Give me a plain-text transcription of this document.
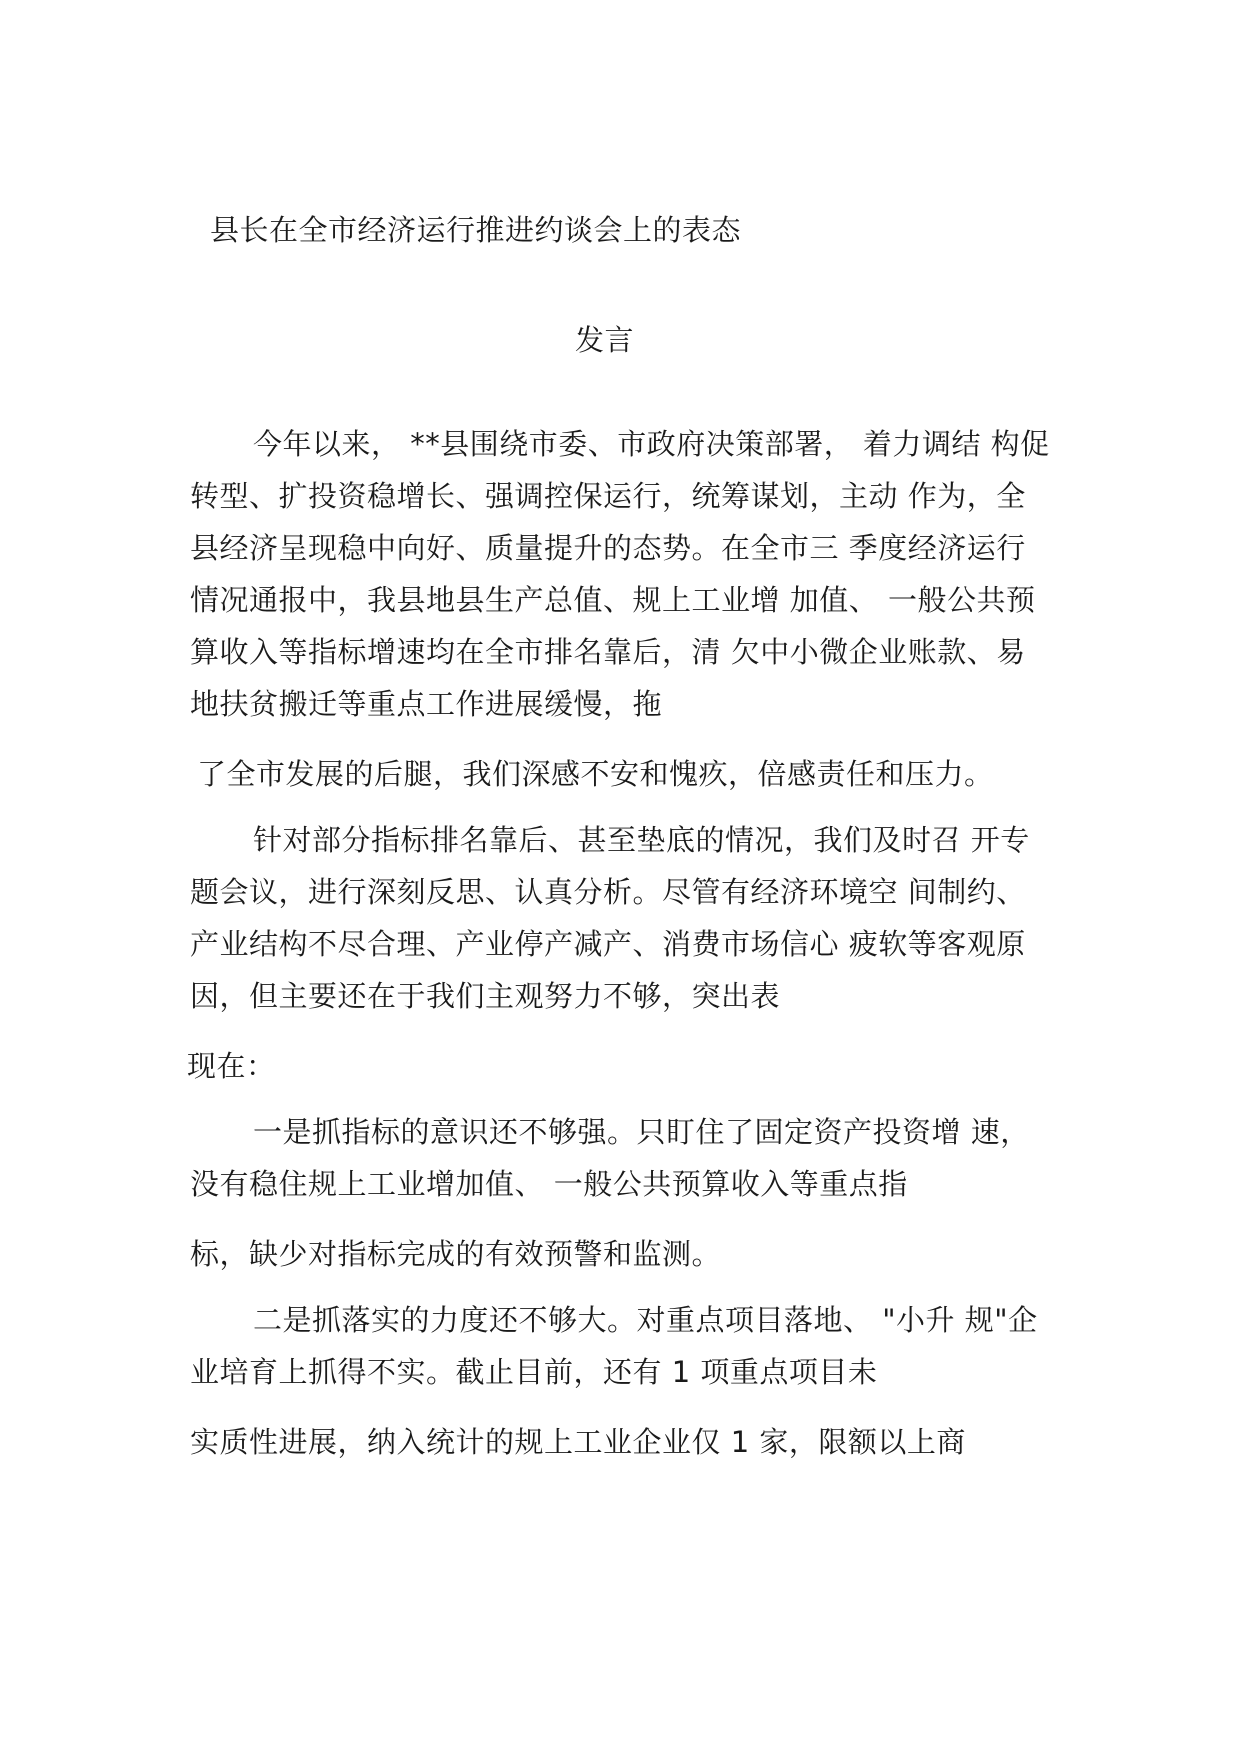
县长在全市经济运行推进约谈会上的表态
发言
今年以来， **县围绕市委、市政府决策部署， 着力调结 构促
转型、扩投资稳增长、强调控保运行，统筹谋划，主动 作为，全
县经济呈现稳中向好、质量提升的态势。在全市三 季度经济运行
情况通报中，我县地县生产总值、规上工业增 加值、 一般公共预
算收入等指标增速均在全市排名靠后，清 欠中小微企业账款、易
地扶贫搬迁等重点工作进展缓慢，拖
了全市发展的后腿，我们深感不安和愧疚，倍感责任和压力。
针对部分指标排名靠后、甚至垫底的情况，我们及时召 开专
题会议，进行深刻反思、认真分析。尽管有经济环境空 间制约、
产业结构不尽合理、产业停产减产、消费市场信心 疲软等客观原
因，但主要还在于我们主观努力不够，突出表
现在：
一是抓指标的意识还不够强。只盯住了固定资产投资增 速，
没有稳住规上工业增加值、 一般公共预算收入等重点指
标，缺少对指标完成的有效预警和监测。
二是抓落实的力度还不够大。对重点项目落地、 "小升 规"企
业培育上抓得不实。截止目前，还有 1 项重点项目未
实质性进展，纳入统计的规上工业企业仅 1 家，限额以上商
